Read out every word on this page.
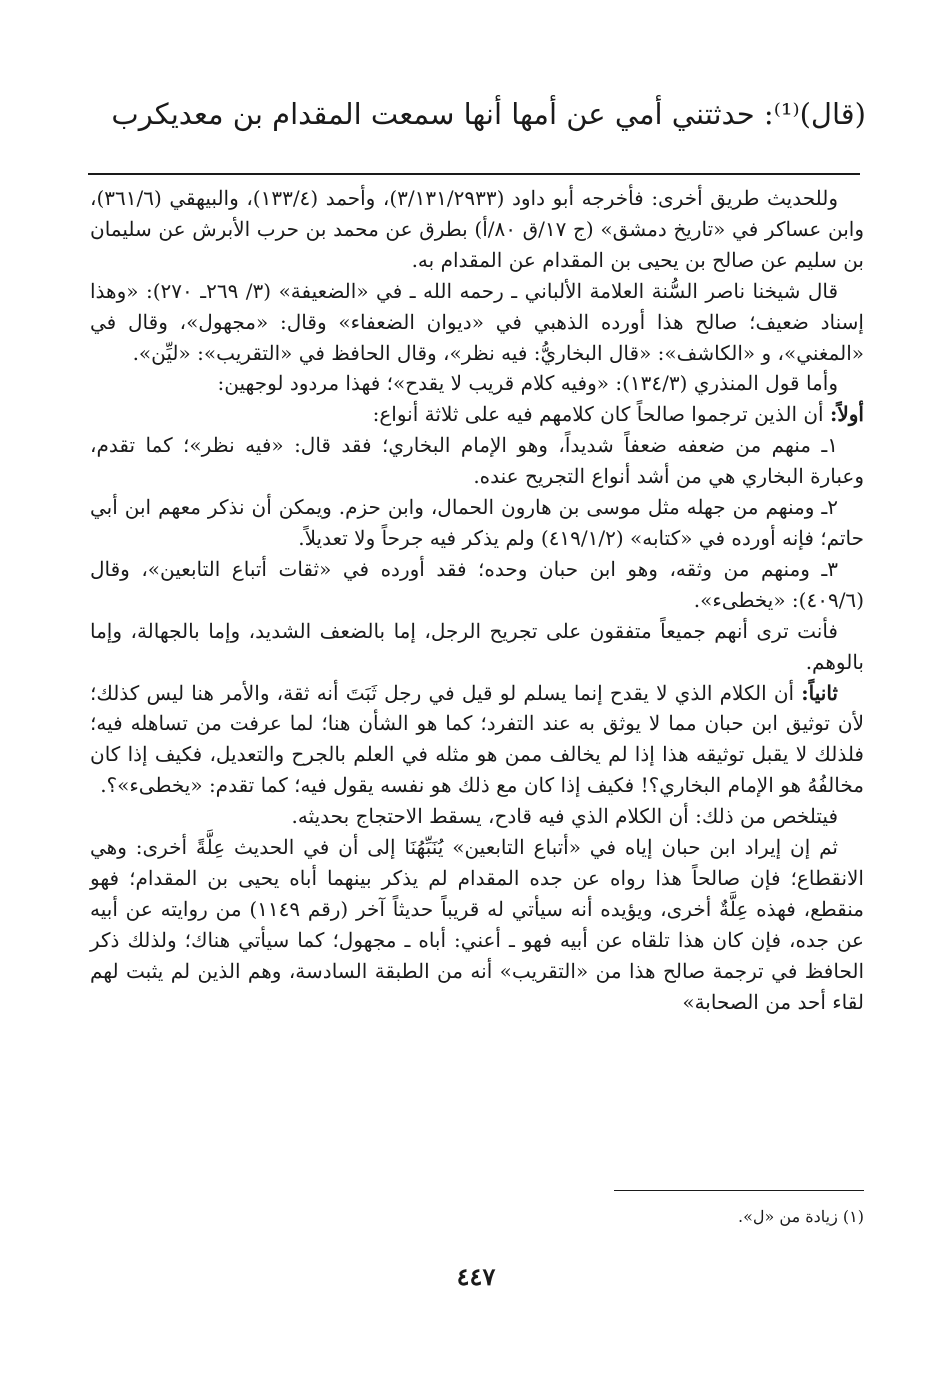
(قال)⁽¹⁾: حدثتني أمي عن أمها أنها سمعت المقدام بن معديكرب

وللحديث طريق أخرى: فأخرجه أبو داود (٣/١٣١/٢٩٣٣)، وأحمد (١٣٣/٤)، والبيهقي (٣٦١/٦)، وابن عساكر في «تاريخ دمشق» (ج ١٧/ق ٨٠/أ) بطرق عن محمد بن حرب الأبرش عن سليمان بن سليم عن صالح بن يحيى بن المقدام عن المقدام به.

قال شيخنا ناصر السُّنة العلامة الألباني ـ رحمه الله ـ في «الضعيفة» (٣/ ٢٦٩ـ ٢٧٠): «وهذا إسناد ضعيف؛ صالح هذا أورده الذهبي في «ديوان الضعفاء» وقال: «مجهول»، وقال في «المغني»، و «الكاشف»: «قال البخاريُّ: فيه نظر»، وقال الحافظ في «التقريب»: «ليِّن».

وأما قول المنذري (١٣٤/٣): «وفيه كلام قريب لا يقدح»؛ فهذا مردود لوجهين:

أولاً: أن الذين ترجموا صالحاً كان كلامهم فيه على ثلاثة أنواع:

١ـ منهم من ضعفه ضعفاً شديداً، وهو الإمام البخاري؛ فقد قال: «فيه نظر»؛ كما تقدم، وعبارة البخاري هي من أشد أنواع التجريح عنده.

٢ـ ومنهم من جهله مثل موسى بن هارون الحمال، وابن حزم. ويمكن أن نذكر معهم ابن أبي حاتم؛ فإنه أورده في «كتابه» (٤١٩/١/٢) ولم يذكر فيه جرحاً ولا تعديلاً.

٣ـ ومنهم من وثقه، وهو ابن حبان وحده؛ فقد أورده في «ثقات أتباع التابعين»، وقال (٤٠٩/٦): «يخطىء».

فأنت ترى أنهم جميعاً متفقون على تجريح الرجل، إما بالضعف الشديد، وإما بالجهالة، وإما بالوهم.

ثانياً: أن الكلام الذي لا يقدح إنما يسلم لو قيل في رجل ثَبَتَ أنه ثقة، والأمر هنا ليس كذلك؛ لأن توثيق ابن حبان مما لا يوثق به عند التفرد؛ كما هو الشأن هنا؛ لما عرفت من تساهله فيه؛ فلذلك لا يقبل توثيقه هذا إذا لم يخالف ممن هو مثله في العلم بالجرح والتعديل، فكيف إذا كان مخالفُهُ هو الإمام البخاري؟! فكيف إذا كان مع ذلك هو نفسه يقول فيه؛ كما تقدم: «يخطىء»؟.

فيتلخص من ذلك: أن الكلام الذي فيه قادح، يسقط الاحتجاج بحديثه.

ثم إن إيراد ابن حبان إياه في «أتباع التابعين» يُنَبِّهُنَا إلى أن في الحديث عِلَّةً أخرى: وهي الانقطاع؛ فإن صالحاً هذا رواه عن جده المقدام لم يذكر بينهما أباه يحيى بن المقدام؛ فهو منقطع، فهذه عِلَّةٌ أخرى، ويؤيده أنه سيأتي له قريباً حديثاً آخر (رقم ١١٤٩) من روايته عن أبيه عن جده، فإن كان هذا تلقاه عن أبيه فهو ـ أعني: أباه ـ مجهول؛ كما سيأتي هناك؛ ولذلك ذكر الحافظ في ترجمة صالح هذا من «التقريب» أنه من الطبقة السادسة، وهم الذين لم يثبت لهم لقاء أحد من الصحابة»

(١) زيادة من «ل».
٤٤٧
